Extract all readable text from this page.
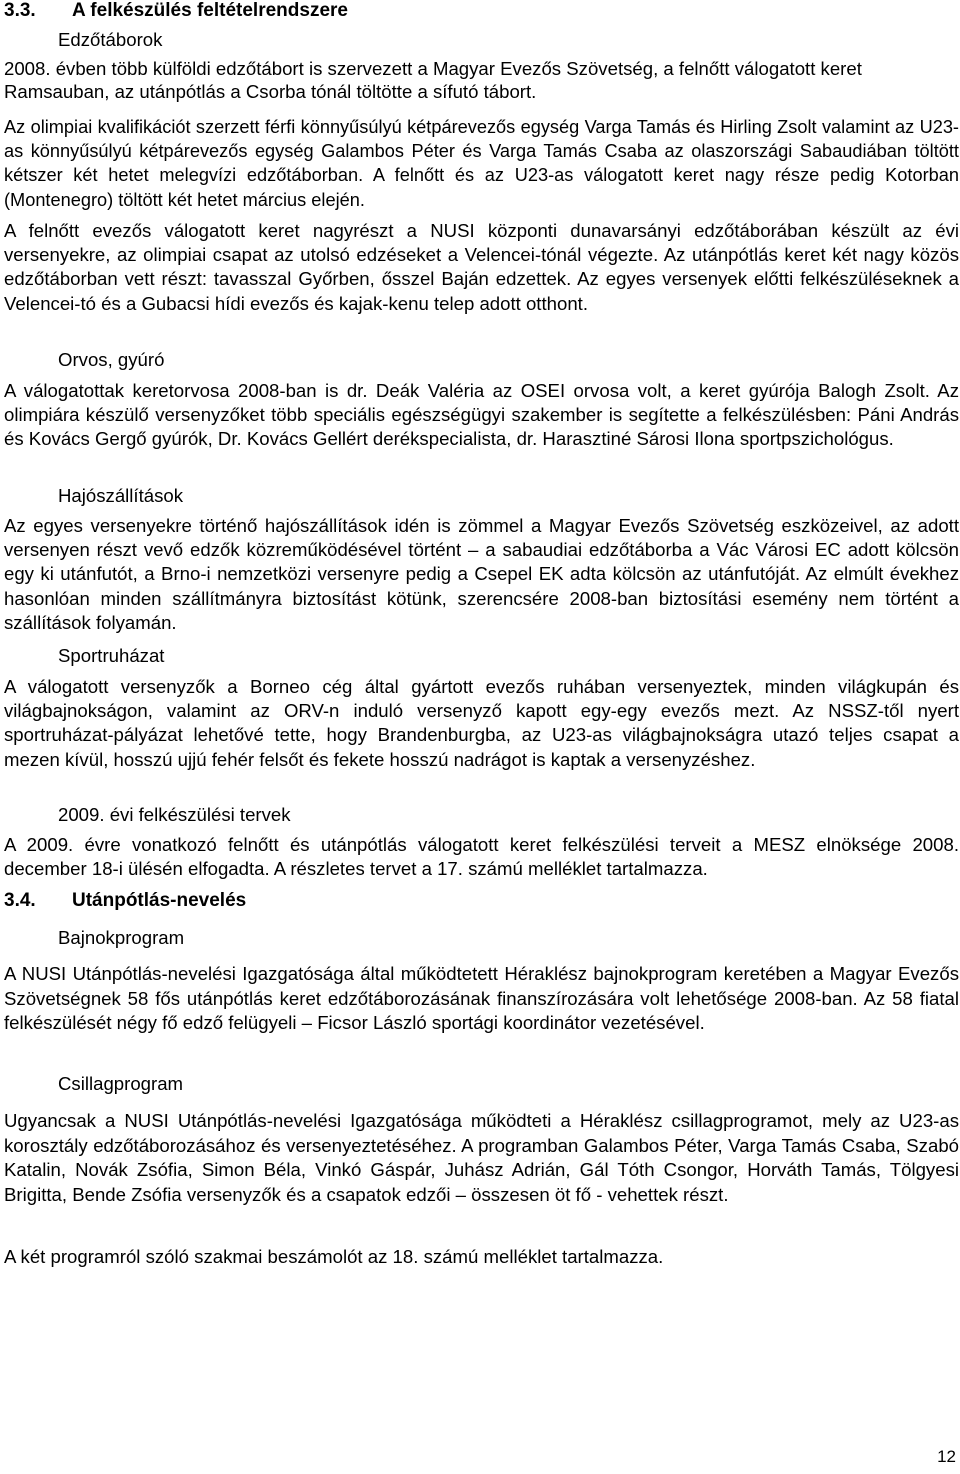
3.3. A felkészülés feltételrendszere
Edzőtáborok

2008. évben több külföldi edzőtábort is szervezett a Magyar Evezős Szövetség, a felnőtt válogatott keret Ramsauban, az utánpótlás a Csorba tónál töltötte a sífutó tábort.

Az olimpiai kvalifikációt szerzett férfi könnyűsúlyú kétpárevezős egység Varga Tamás és Hirling Zsolt valamint az U23-as könnyűsúlyú kétpárevezős egység Galambos Péter és Varga Tamás Csaba az olaszországi Sabaudiában töltött kétszer két hetet melegvízi edzőtáborban. A felnőtt és az U23-as válogatott keret nagy része pedig Kotorban (Montenegro) töltött két hetet március elején.

A felnőtt evezős válogatott keret nagyrészt a NUSI központi dunavarsányi edzőtáborában készült az évi versenyekre, az olimpiai csapat az utolsó edzéseket a Velencei-tónál végezte. Az utánpótlás keret két nagy közös edzőtáborban vett részt: tavasszal Győrben, ősszel Baján edzettek. Az egyes versenyek előtti felkészüléseknek a Velencei-tó és a Gubacsi hídi evezős és kajak-kenu telep adott otthont.

Orvos, gyúró

A válogatottak keretorvosa 2008-ban is dr. Deák Valéria az OSEI orvosa volt, a keret gyúrója Balogh Zsolt. Az olimpiára készülő versenyzőket több speciális egészségügyi szakember is segítette a felkészülésben: Páni András és Kovács Gergő gyúrók, Dr. Kovács Gellért derékspecialista, dr. Harasztiné Sárosi Ilona sportpszichológus.

Hajószállítások

Az egyes versenyekre történő hajószállítások idén is zömmel a Magyar Evezős Szövetség eszközeivel, az adott versenyen részt vevő edzők közreműködésével történt – a sabaudiai edzőtáborba a Vác Városi EC adott kölcsön egy ki utánfutót, a Brno-i nemzetközi versenyre pedig a Csepel EK adta kölcsön az utánfutóját. Az elmúlt évekhez hasonlóan minden szállítmányra biztosítást kötünk, szerencsére 2008-ban biztosítási esemény nem történt a szállítások folyamán.

Sportruházat

A válogatott versenyzők a Borneo cég által gyártott evezős ruhában versenyeztek, minden világkupán és világbajnokságon, valamint az ORV-n induló versenyző kapott egy-egy evezős mezt. Az NSSZ-től nyert sportruházat-pályázat lehetővé tette, hogy Brandenburgba, az U23-as világbajnokságra utazó teljes csapat a mezen kívül, hosszú ujjú fehér felsőt és fekete hosszú nadrágot is kaptak a versenyzéshez.

2009. évi felkészülési tervek

A 2009. évre vonatkozó felnőtt és utánpótlás válogatott keret felkészülési terveit a MESZ elnöksége 2008. december 18-i ülésén elfogadta. A részletes tervet a 17. számú melléklet tartalmazza.

3.4. Utánpótlás-nevelés
Bajnokprogram

A NUSI Utánpótlás-nevelési Igazgatósága által működtetett Héraklész bajnokprogram keretében a Magyar Evezős Szövetségnek 58 fős utánpótlás keret edzőtáborozásának finanszírozására volt lehetősége 2008-ban. Az 58 fiatal felkészülését négy fő edző felügyeli – Ficsor László sportági koordinátor vezetésével.

Csillagprogram

Ugyancsak a NUSI Utánpótlás-nevelési Igazgatósága működteti a Héraklész csillagprogramot, mely az U23-as korosztály edzőtáborozásához és versenyeztetéséhez. A programban Galambos Péter, Varga Tamás Csaba, Szabó Katalin, Novák Zsófia, Simon Béla, Vinkó Gáspár, Juhász Adrián, Gál Tóth Csongor, Horváth Tamás, Tölgyesi Brigitta, Bende Zsófia versenyzők és a csapatok edzői – összesen öt fő - vehettek részt.

A két programról szóló szakmai beszámolót az 18. számú melléklet tartalmazza.

12
